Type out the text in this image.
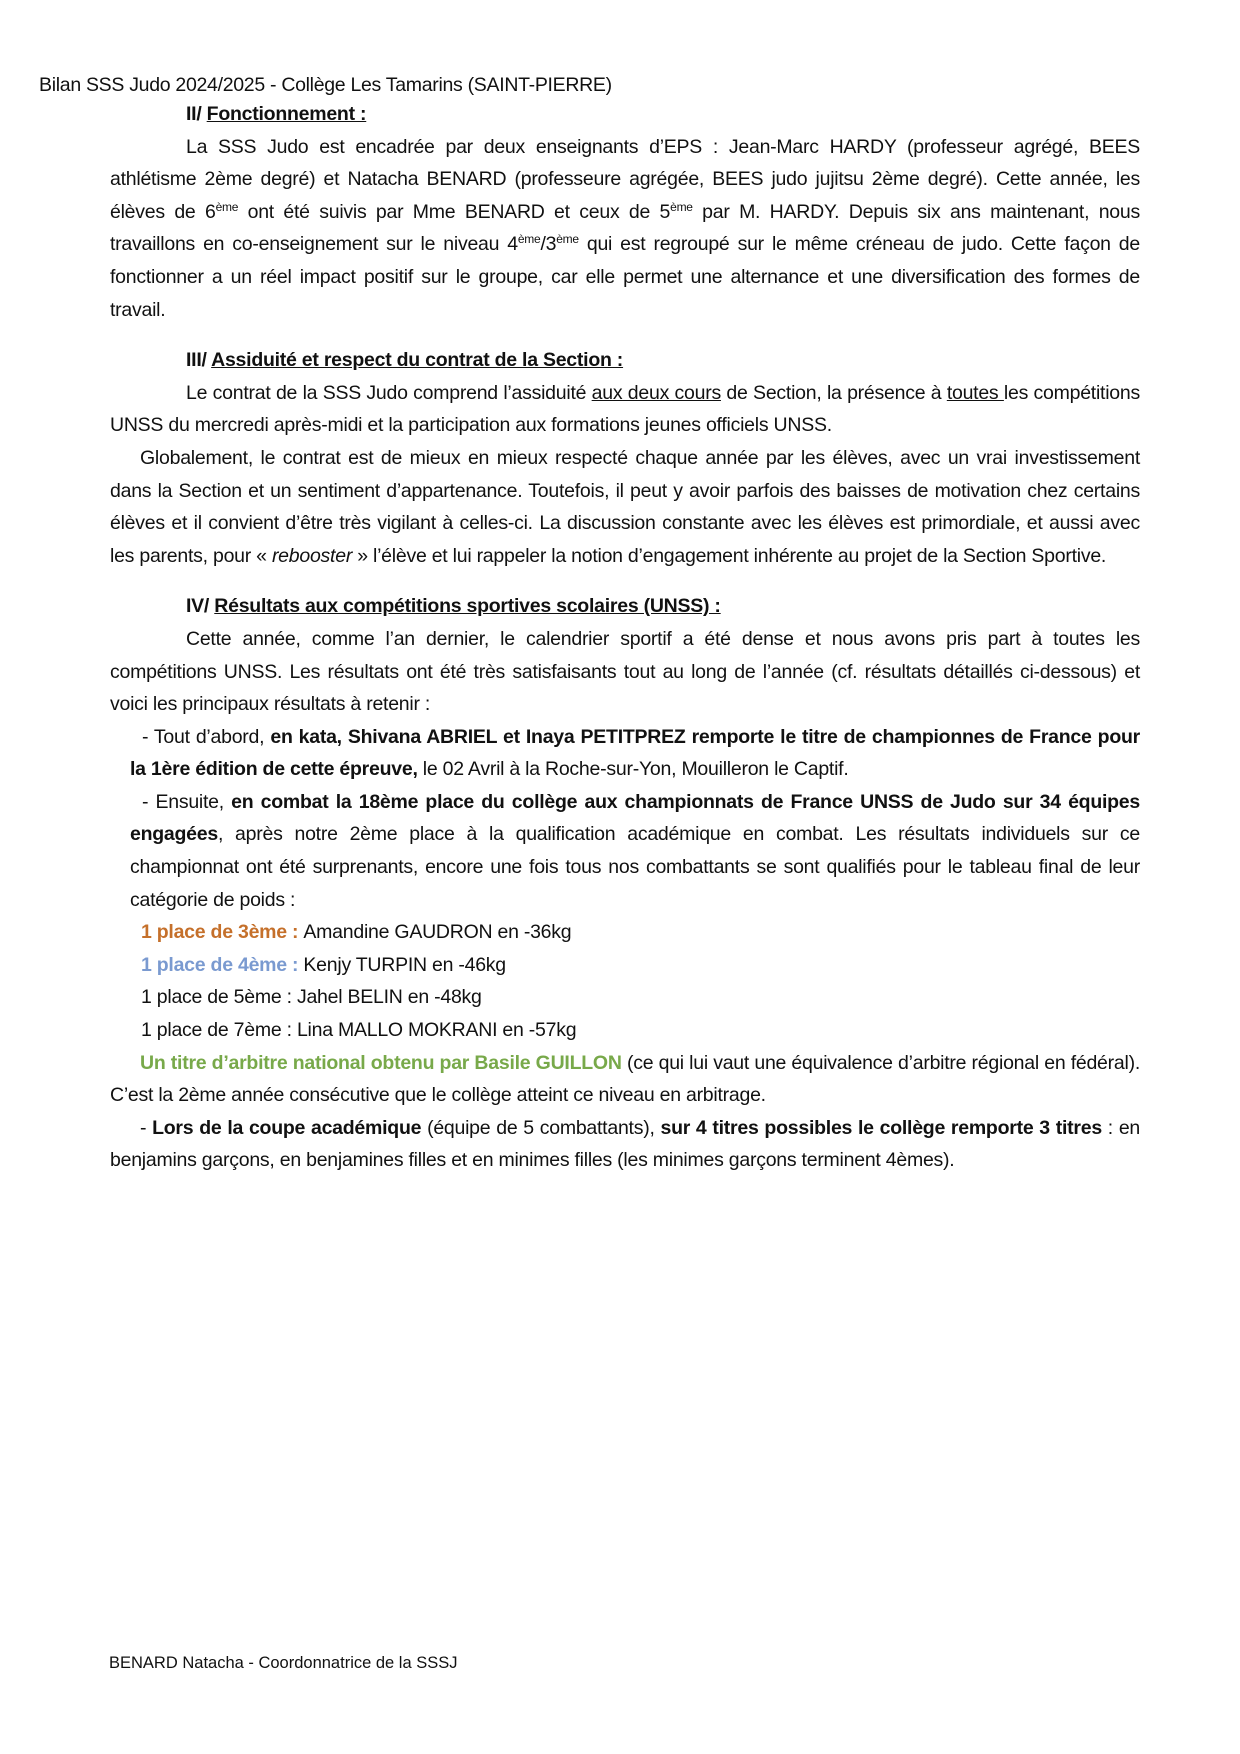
Bilan SSS Judo 2024/2025 - Collège Les Tamarins (SAINT-PIERRE)
II/ Fonctionnement :

La SSS Judo est encadrée par deux enseignants d’EPS : Jean-Marc HARDY (professeur agrégé, BEES athlétisme 2ème degré) et Natacha BENARD (professeure agrégée, BEES judo jujitsu 2ème degré). Cette année, les élèves de 6ème ont été suivis par Mme BENARD et ceux de 5ème par M. HARDY. Depuis six ans maintenant, nous travaillons en co-enseignement sur le niveau 4ème/3ème qui est regroupé sur le même créneau de judo. Cette façon de fonctionner a un réel impact positif sur le groupe, car elle permet une alternance et une diversification des formes de travail.

III/ Assiduité et respect du contrat de la Section :

Le contrat de la SSS Judo comprend l’assiduité aux deux cours de Section, la présence à toutes les compétitions UNSS du mercredi après-midi et la participation aux formations jeunes officiels UNSS.

Globalement, le contrat est de mieux en mieux respecté chaque année par les élèves, avec un vrai investissement dans la Section et un sentiment d’appartenance. Toutefois, il peut y avoir parfois des baisses de motivation chez certains élèves et il convient d’être très vigilant à celles-ci. La discussion constante avec les élèves est primordiale, et aussi avec les parents, pour « rebooster » l’élève et lui rappeler la notion d’engagement inhérente au projet de la Section Sportive.

IV/ Résultats aux compétitions sportives scolaires (UNSS) :

Cette année, comme l’an dernier, le calendrier sportif a été dense et nous avons pris part à toutes les compétitions UNSS. Les résultats ont été très satisfaisants tout au long de l’année (cf. résultats détaillés ci-dessous) et voici les principaux résultats à retenir :

- Tout d’abord, en kata, Shivana ABRIEL et Inaya PETITPREZ remporte le titre de championnes de France pour la 1ère édition de cette épreuve, le 02 Avril à la Roche-sur-Yon, Mouilleron le Captif.

- Ensuite, en combat la 18ème place du collège aux championnats de France UNSS de Judo sur 34 équipes engagées, après notre 2ème place à la qualification académique en combat. Les résultats individuels sur ce championnat ont été surprenants, encore une fois tous nos combattants se sont qualifiés pour le tableau final de leur catégorie de poids :

1 place de 3ème : Amandine GAUDRON en -36kg
1 place de 4ème : Kenjy TURPIN en -46kg
1 place de 5ème : Jahel BELIN en -48kg
1 place de 7ème : Lina MALLO MOKRANI en -57kg

Un titre d’arbitre national obtenu par Basile GUILLON (ce qui lui vaut une équivalence d’arbitre régional en fédéral). C’est la 2ème année consécutive que le collège atteint ce niveau en arbitrage.

- Lors de la coupe académique (équipe de 5 combattants), sur 4 titres possibles le collège remporte 3 titres : en benjamins garçons, en benjamines filles et en minimes filles (les minimes garçons terminent 4èmes).

BENARD Natacha - Coordonnatrice de la SSSJ
